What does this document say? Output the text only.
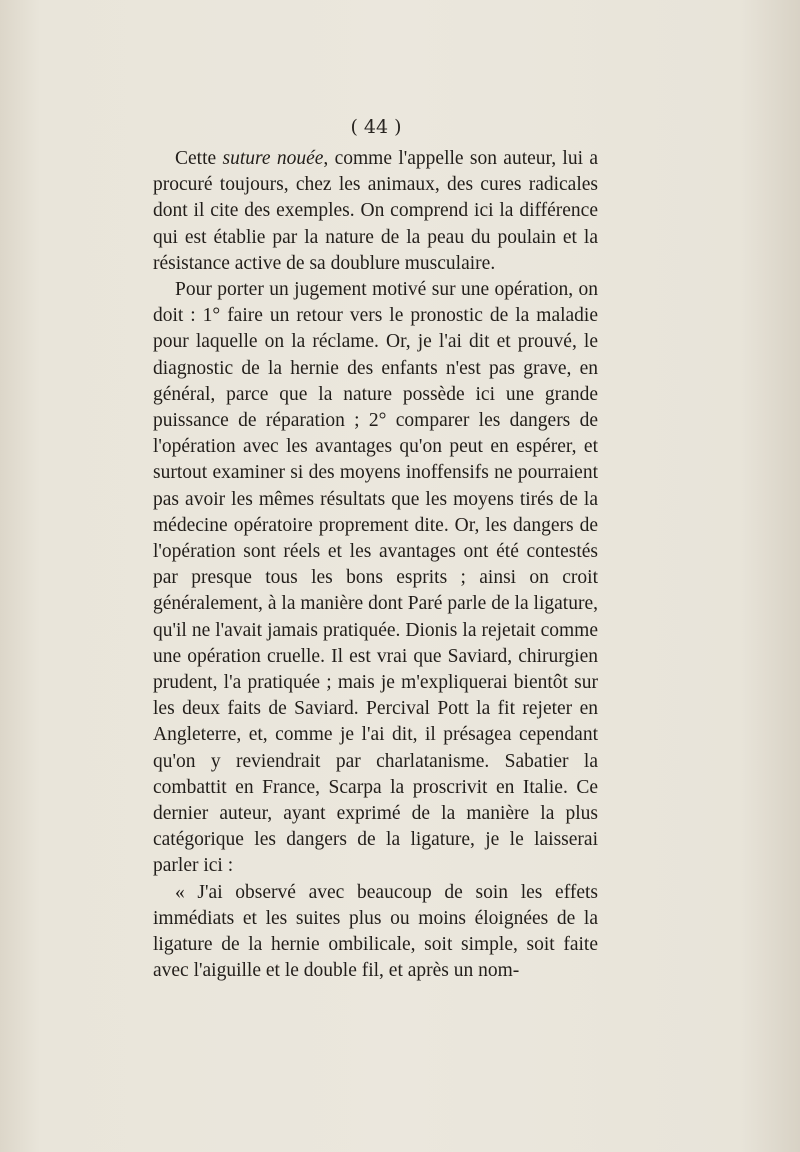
( 44 )

Cette suture nouée, comme l'appelle son auteur, lui a procuré toujours, chez les animaux, des cures radicales dont il cite des exemples. On comprend ici la différence qui est établie par la nature de la peau du poulain et la résistance active de sa doublure musculaire.

Pour porter un jugement motivé sur une opération, on doit : 1° faire un retour vers le pronostic de la maladie pour laquelle on la réclame. Or, je l'ai dit et prouvé, le diagnostic de la hernie des enfants n'est pas grave, en général, parce que la nature possède ici une grande puissance de réparation ; 2° comparer les dangers de l'opération avec les avantages qu'on peut en espérer, et surtout examiner si des moyens inoffensifs ne pourraient pas avoir les mêmes résultats que les moyens tirés de la médecine opératoire proprement dite. Or, les dangers de l'opération sont réels et les avantages ont été contestés par presque tous les bons esprits ; ainsi on croit généralement, à la manière dont Paré parle de la ligature, qu'il ne l'avait jamais pratiquée. Dionis la rejetait comme une opération cruelle. Il est vrai que Saviard, chirurgien prudent, l'a pratiquée ; mais je m'expliquerai bientôt sur les deux faits de Saviard. Percival Pott la fit rejeter en Angleterre, et, comme je l'ai dit, il présagea cependant qu'on y reviendrait par charlatanisme. Sabatier la combattit en France, Scarpa la proscrivit en Italie. Ce dernier auteur, ayant exprimé de la manière la plus catégorique les dangers de la ligature, je le laisserai parler ici :

« J'ai observé avec beaucoup de soin les effets immédiats et les suites plus ou moins éloignées de la ligature de la hernie ombilicale, soit simple, soit faite avec l'aiguille et le double fil, et après un nom-
